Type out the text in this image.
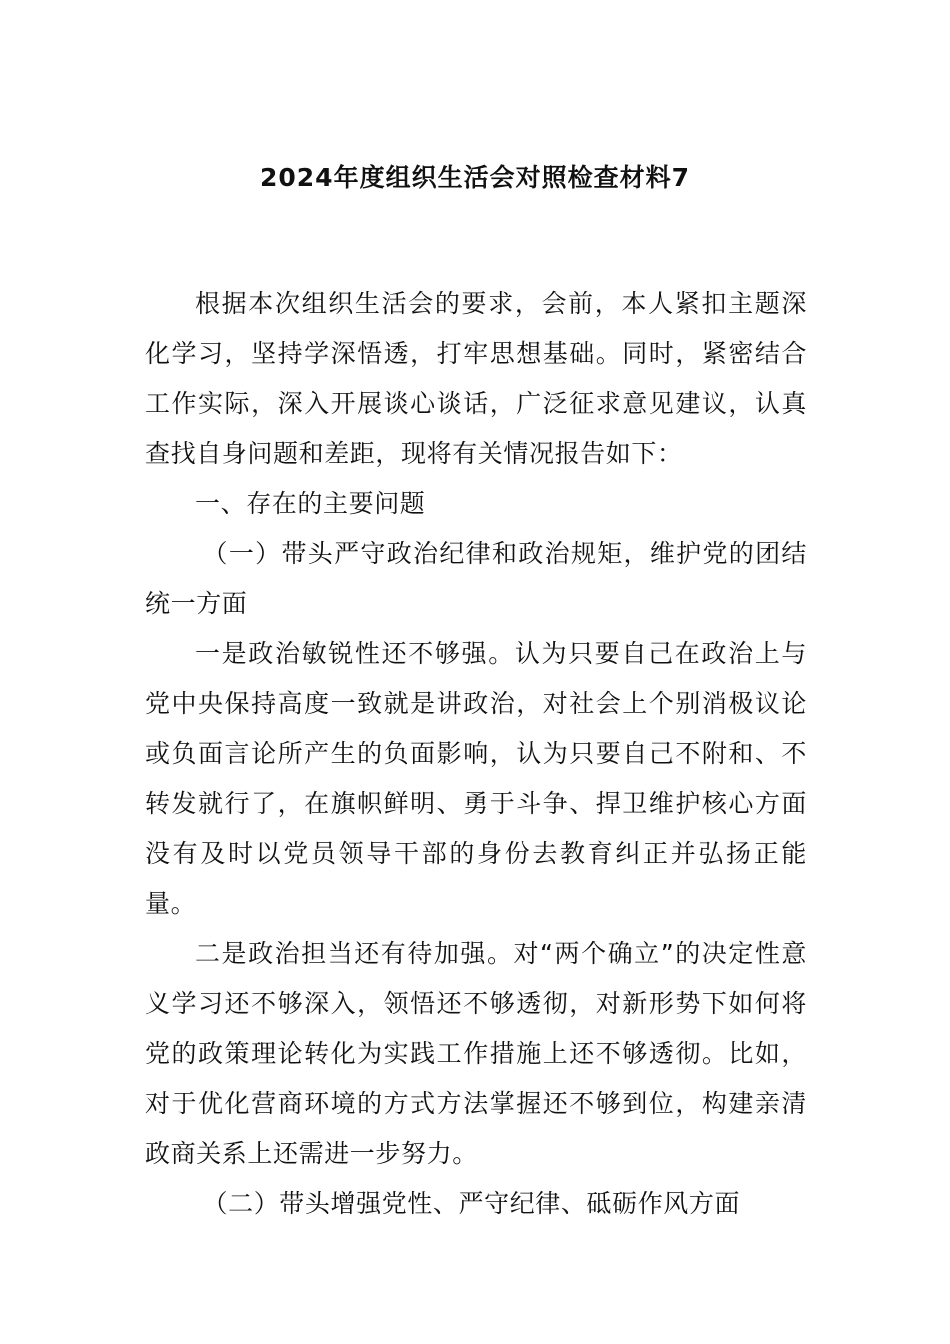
2024年度组织生活会对照检查材料7

根据本次组织生活会的要求，会前，本人紧扣主题深化学习，坚持学深悟透，打牢思想基础。同时，紧密结合工作实际，深入开展谈心谈话，广泛征求意见建议，认真查找自身问题和差距，现将有关情况报告如下：

一、存在的主要问题

（一）带头严守政治纪律和政治规矩，维护党的团结统一方面

一是政治敏锐性还不够强。认为只要自己在政治上与党中央保持高度一致就是讲政治，对社会上个别消极议论或负面言论所产生的负面影响，认为只要自己不附和、不转发就行了，在旗帜鲜明、勇于斗争、捍卫维护核心方面没有及时以党员领导干部的身份去教育纠正并弘扬正能量。

二是政治担当还有待加强。对“两个确立”的决定性意义学习还不够深入，领悟还不够透彻，对新形势下如何将党的政策理论转化为实践工作措施上还不够透彻。比如，对于优化营商环境的方式方法掌握还不够到位，构建亲清政商关系上还需进一步努力。

（二）带头增强党性、严守纪律、砥砺作风方面
